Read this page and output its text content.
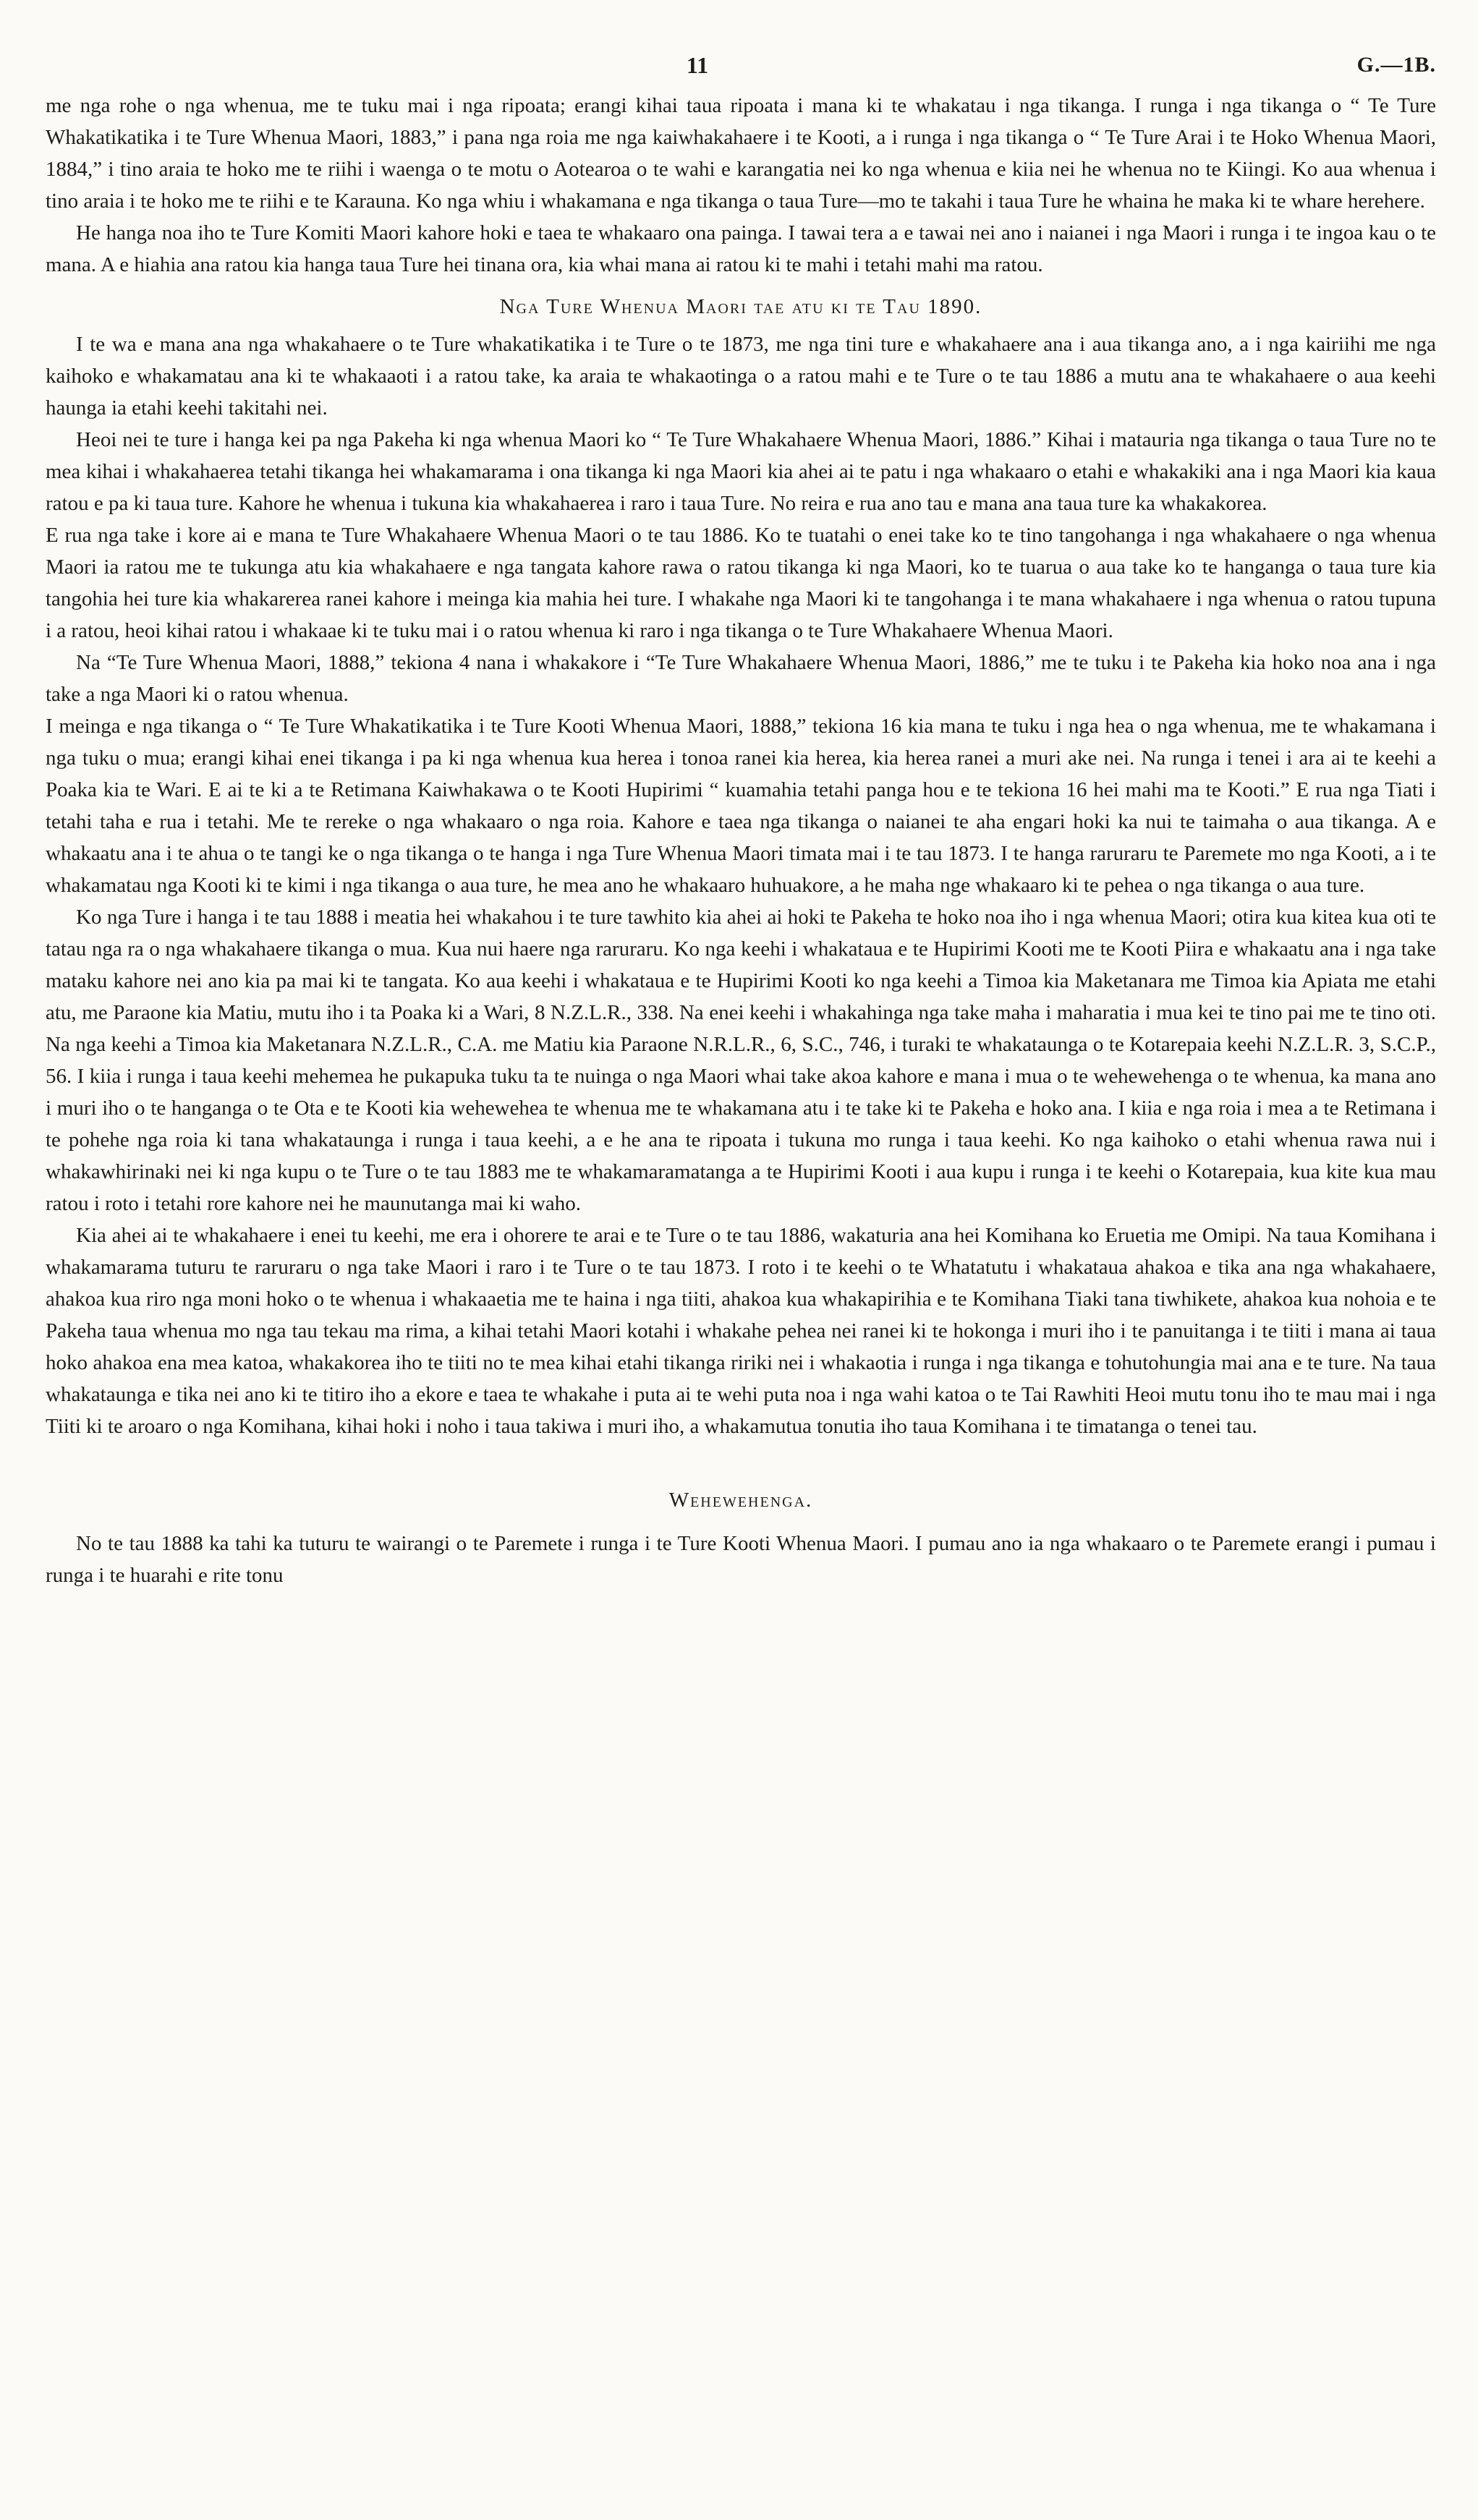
11	G.—1B.

me nga rohe o nga whenua, me te tuku mai i nga ripoata; erangi kihai taua ripoata i mana ki te whakatau i nga tikanga. I runga i nga tikanga o “ Te Ture Whakatikatika i te Ture Whenua Maori, 1883,” i pana nga roia me nga kaiwhakahaere i te Kooti, a i runga i nga tikanga o “ Te Ture Arai i te Hoko Whenua Maori, 1884,” i tino araia te hoko me te riihi i waenga o te motu o Aotearoa o te wahi e karangatia nei ko nga whenua e kiia nei he whenua no te Kiingi. Ko aua whenua i tino araia i te hoko me te riihi e te Karauna. Ko nga whiu i whakamana e nga tikanga o taua Ture—mo te takahi i taua Ture he whaina he maka ki te whare herehere.

He hanga noa iho te Ture Komiti Maori kahore hoki e taea te whakaaro ona painga. I tawai tera a e tawai nei ano i naianei i nga Maori i runga i te ingoa kau o te mana. A e hiahia ana ratou kia hanga taua Ture hei tinana ora, kia whai mana ai ratou ki te mahi i tetahi mahi ma ratou.

Nga Ture Whenua Maori tae atu ki te Tau 1890.

I te wa e mana ana nga whakahaere o te Ture whakatikatika i te Ture o te 1873, me nga tini ture e whakahaere ana i aua tikanga ano, a i nga kairiihi me nga kaihoko e whakamatau ana ki te whakaaoti i a ratou take, ka araia te whakaotinga o a ratou mahi e te Ture o te tau 1886 a mutu ana te whakahaere o aua keehi haunga ia etahi keehi takitahi nei.

Heoi nei te ture i hanga kei pa nga Pakeha ki nga whenua Maori ko “ Te Ture Whakahaere Whenua Maori, 1886.” Kihai i matauria nga tikanga o taua Ture no te mea kihai i whakahaerea tetahi tikanga hei whakamarama i ona tikanga ki nga Maori kia ahei ai te patu i nga whakaaro o etahi e whakakiki ana i nga Maori kia kaua ratou e pa ki taua ture. Kahore he whenua i tukuna kia whakahaerea i raro i taua Ture. No reira e rua ano tau e mana ana taua ture ka whakakorea.

E rua nga take i kore ai e mana te Ture Whakahaere Whenua Maori o te tau 1886. Ko te tuatahi o enei take ko te tino tangohanga i nga whakahaere o nga whenua Maori ia ratou me te tukunga atu kia whakahaere e nga tangata kahore rawa o ratou tikanga ki nga Maori, ko te tuarua o aua take ko te hanganga o taua ture kia tangohia hei ture kia whakarerea ranei kahore i meinga kia mahia hei ture. I whakahe nga Maori ki te tangohanga i te mana whakahaere i nga whenua o ratou tupuna i a ratou, heoi kihai ratou i whakaae ki te tuku mai i o ratou whenua ki raro i nga tikanga o te Ture Whakahaere Whenua Maori.

Na “Te Ture Whenua Maori, 1888,” tekiona 4 nana i whakakore i “Te Ture Whakahaere Whenua Maori, 1886,” me te tuku i te Pakeha kia hoko noa ana i nga take a nga Maori ki o ratou whenua.

I meinga e nga tikanga o “ Te Ture Whakatikatika i te Ture Kooti Whenua Maori, 1888,” tekiona 16 kia mana te tuku i nga hea o nga whenua, me te whakamana i nga tuku o mua; erangi kihai enei tikanga i pa ki nga whenua kua herea i tonoa ranei kia herea, kia herea ranei a muri ake nei. Na runga i tenei i ara ai te keehi a Poaka kia te Wari. E ai te ki a te Retimana Kaiwhakawa o te Kooti Hupirimi “ kuamahia tetahi panga hou e te tekiona 16 hei mahi ma te Kooti.” E rua nga Tiati i tetahi taha e rua i tetahi. Me te rereke o nga whakaaro o nga roia. Kahore e taea nga tikanga o naianei te aha engari hoki ka nui te taimaha o aua tikanga. A e whakaatu ana i te ahua o te tangi ke o nga tikanga o te hanga i nga Ture Whenua Maori timata mai i te tau 1873. I te hanga raruraru te Paremete mo nga Kooti, a i te whakamatau nga Kooti ki te kimi i nga tikanga o aua ture, he mea ano he whakaaro huhuakore, a he maha nge whakaaro ki te pehea o nga tikanga o aua ture.

Ko nga Ture i hanga i te tau 1888 i meatia hei whakahou i te ture tawhito kia ahei ai hoki te Pakeha te hoko noa iho i nga whenua Maori; otira kua kitea kua oti te tatau nga ra o nga whakahaere tikanga o mua. Kua nui haere nga raruraru. Ko nga keehi i whakataua e te Hupirimi Kooti me te Kooti Piira e whakaatu ana i nga take mataku kahore nei ano kia pa mai ki te tangata. Ko aua keehi i whakataua e te Hupirimi Kooti ko nga keehi a Timoa kia Maketanara me Timoa kia Apiata me etahi atu, me Paraone kia Matiu, mutu iho i ta Poaka ki a Wari, 8 N.Z.L.R., 338. Na enei keehi i whakahinga nga take maha i maharatia i mua kei te tino pai me te tino oti. Na nga keehi a Timoa kia Maketanara N.Z.L.R., C.A. me Matiu kia Paraone N.R.L.R., 6, S.C., 746, i turaki te whakataunga o te Kotarepaia keehi N.Z.L.R. 3, S.C.P., 56. I kiia i runga i taua keehi mehemea he pukapuka tuku ta te nuinga o nga Maori whai take akoa kahore e mana i mua o te wehewehenga o te whenua, ka mana ano i muri iho o te hanganga o te Ota e te Kooti kia wehewehea te whenua me te whakamana atu i te take ki te Pakeha e hoko ana. I kiia e nga roia i mea a te Retimana i te pohehe nga roia ki tana whakataunga i runga i taua keehi, a e he ana te ripoata i tukuna mo runga i taua keehi. Ko nga kaihoko o etahi whenua rawa nui i whakawhirinaki nei ki nga kupu o te Ture o te tau 1883 me te whakamaramatanga a te Hupirimi Kooti i aua kupu i runga i te keehi o Kotarepaia, kua kite kua mau ratou i roto i tetahi rore kahore nei he maunutanga mai ki waho.

Kia ahei ai te whakahaere i enei tu keehi, me era i ohorere te arai e te Ture o te tau 1886, wakaturia ana hei Komihana ko Eruetia me Omipi. Na taua Komihana i whakamarama tuturu te raruraru o nga take Maori i raro i te Ture o te tau 1873. I roto i te keehi o te Whatatutu i whakataua ahakoa e tika ana nga whakahaere, ahakoa kua riro nga moni hoko o te whenua i whakaaetia me te haina i nga tiiti, ahakoa kua whakapirihia e te Komihana Tiaki tana tiwhikete, ahakoa kua nohoia e te Pakeha taua whenua mo nga tau tekau ma rima, a kihai tetahi Maori kotahi i whakahe pehea nei ranei ki te hokonga i muri iho i te panuitanga i te tiiti i mana ai taua hoko ahakoa ena mea katoa, whakakorea iho te tiiti no te mea kihai etahi tikanga ririki nei i whakaotia i runga i nga tikanga e tohutohungia mai ana e te ture. Na taua whakataunga e tika nei ano ki te titiro iho a ekore e taea te whakahe i puta ai te wehi puta noa i nga wahi katoa o te Tai Rawhiti Heoi mutu tonu iho te mau mai i nga Tiiti ki te aroaro o nga Komihana, kihai hoki i noho i taua takiwa i muri iho, a whakamutua tonutia iho taua Komihana i te timatanga o tenei tau.

Wehewehenga.

No te tau 1888 ka tahi ka tuturu te wairangi o te Paremete i runga i te Ture Kooti Whenua Maori. I pumau ano ia nga whakaaro o te Paremete erangi i pumau i runga i te huarahi e rite tonu
